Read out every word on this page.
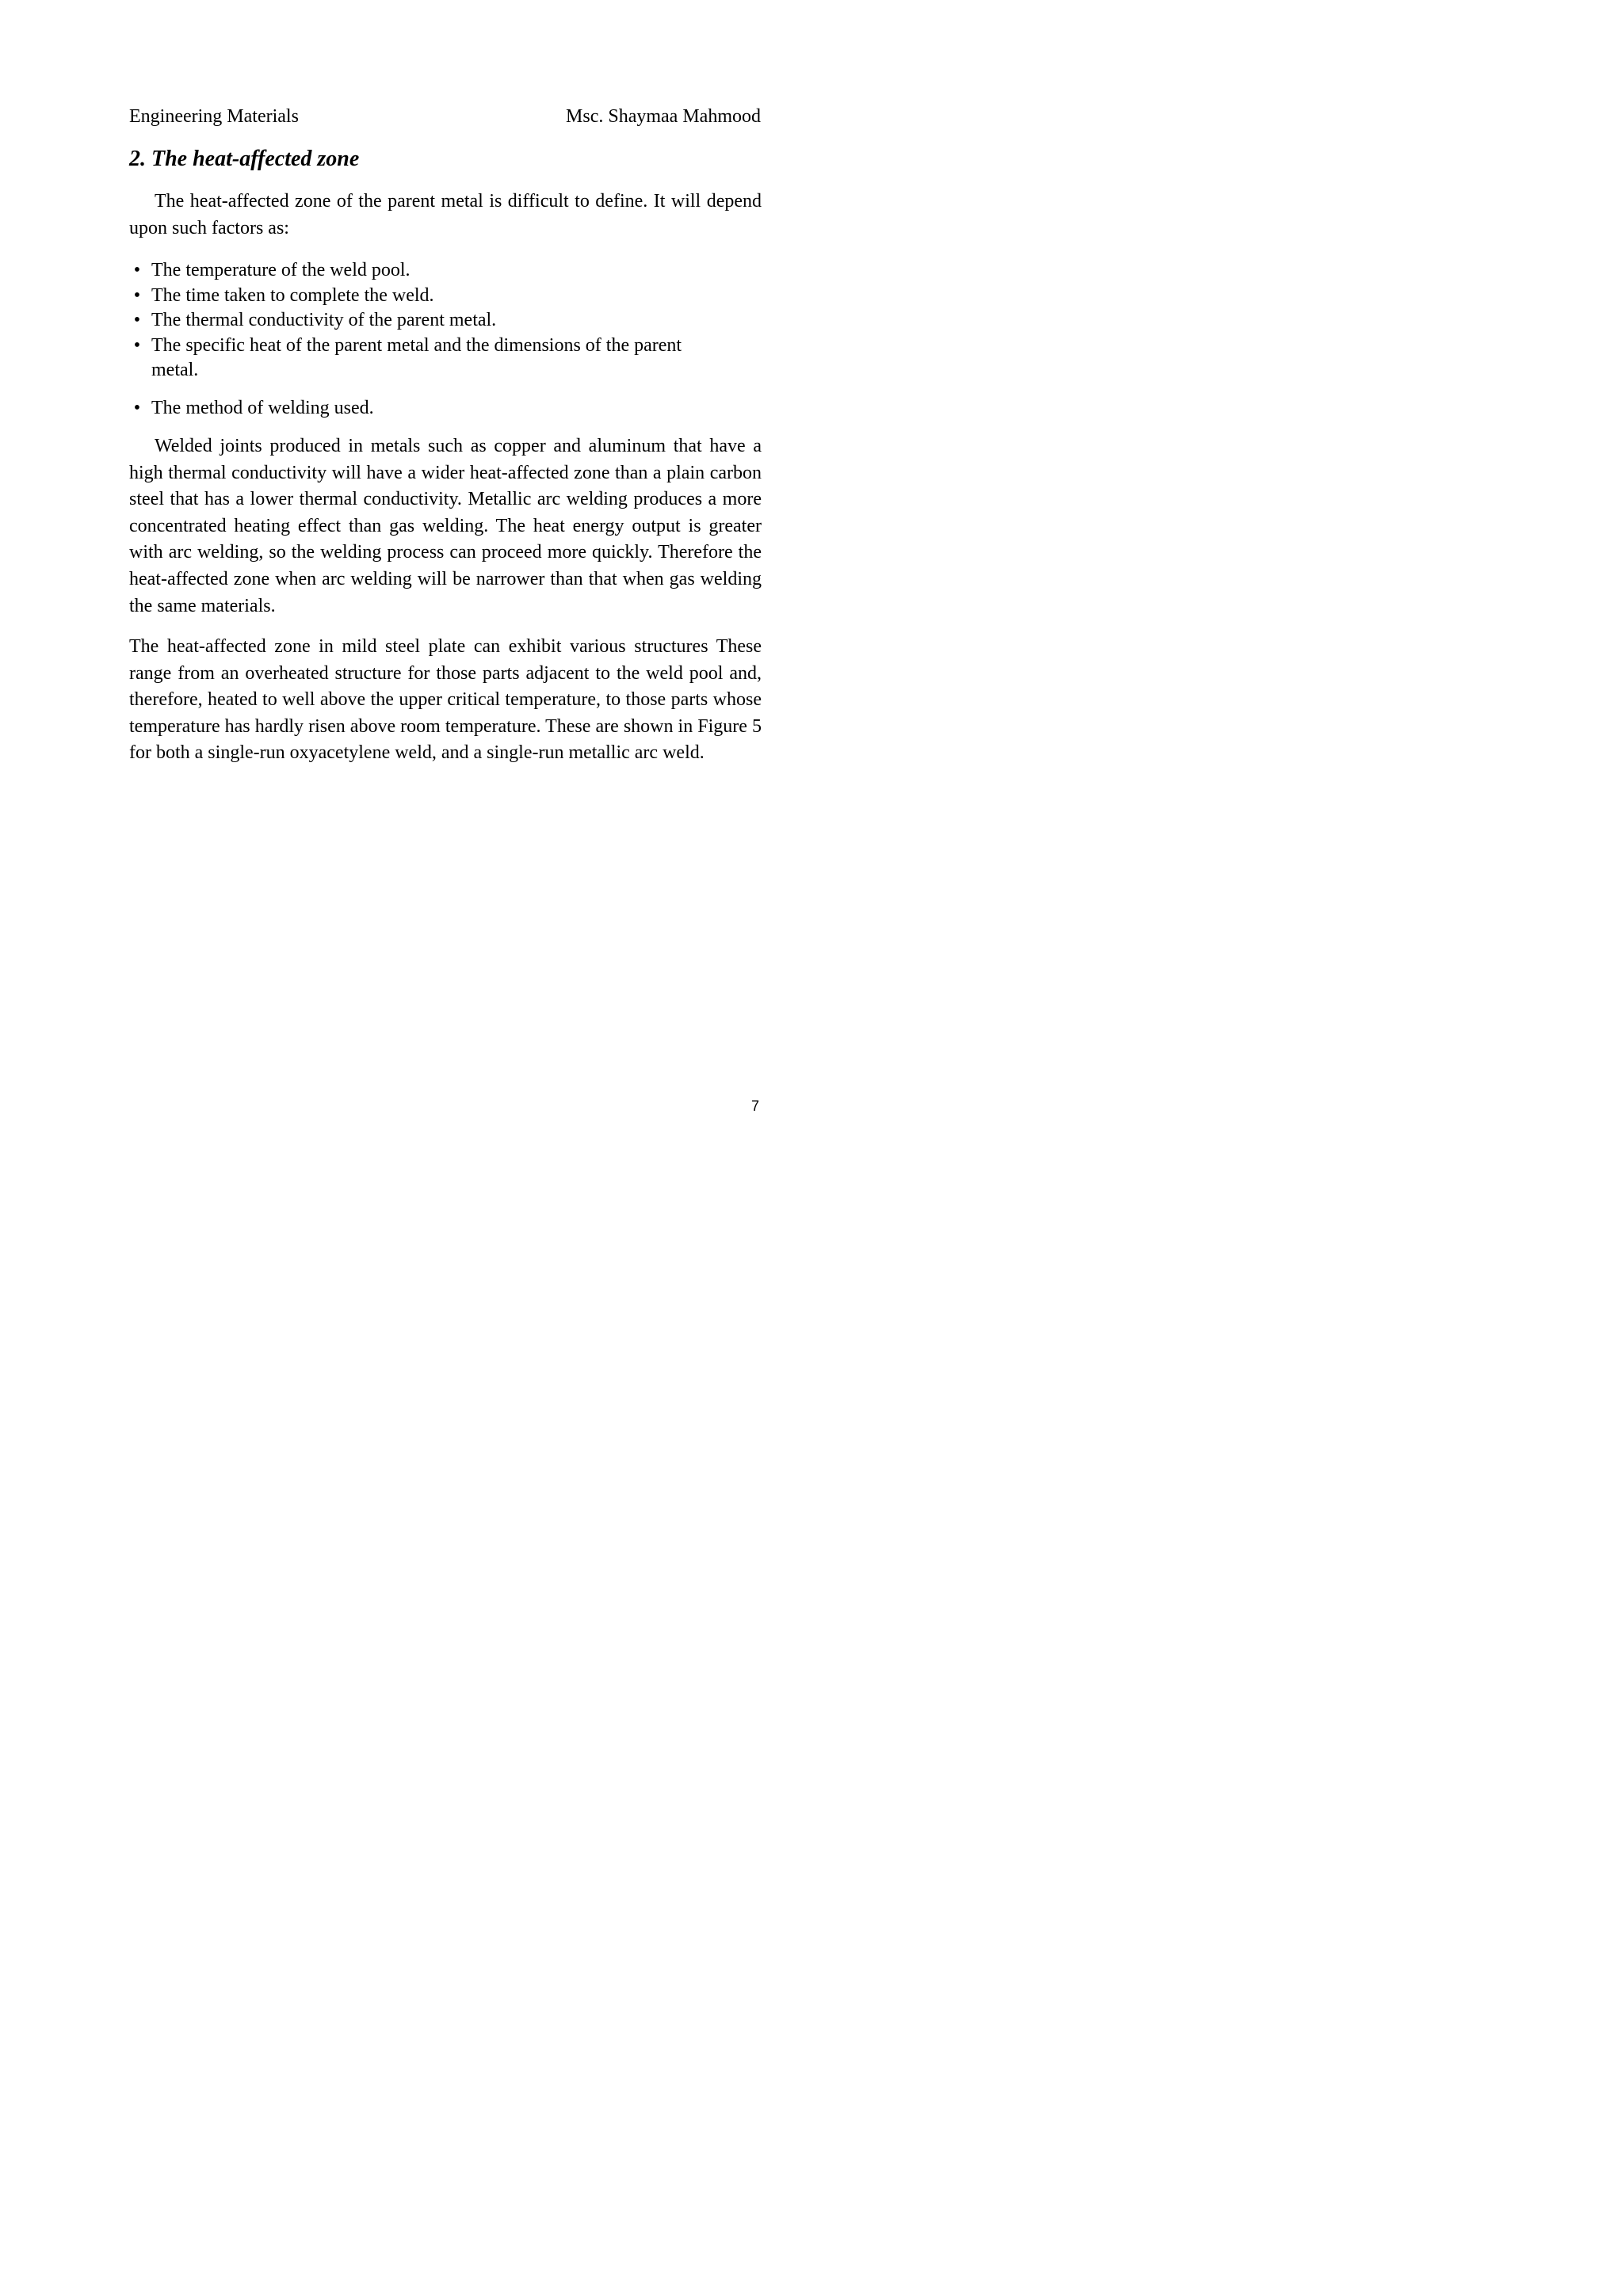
Engineering Materials	Msc. Shaymaa Mahmood
2. The heat-affected zone

The heat-affected zone of the parent metal is difficult to define. It will depend upon such factors as:

• The temperature of the weld pool.
• The time taken to complete the weld.
• The thermal conductivity of the parent metal.
• The specific heat of the parent metal and the dimensions of the parent metal.
• The method of welding used.

Welded joints produced in metals such as copper and aluminum that have a high thermal conductivity will have a wider heat-affected zone than a plain carbon steel that has a lower thermal conductivity. Metallic arc welding produces a more concentrated heating effect than gas welding. The heat energy output is greater with arc welding, so the welding process can proceed more quickly. Therefore the heat-affected zone when arc welding will be narrower than that when gas welding the same materials.

The heat-affected zone in mild steel plate can exhibit various structures These range from an overheated structure for those parts adjacent to the weld pool and, therefore, heated to well above the upper critical temperature, to those parts whose temperature has hardly risen above room temperature. These are shown in Figure 5 for both a single-run oxyacetylene weld, and a single-run metallic arc weld.

7
